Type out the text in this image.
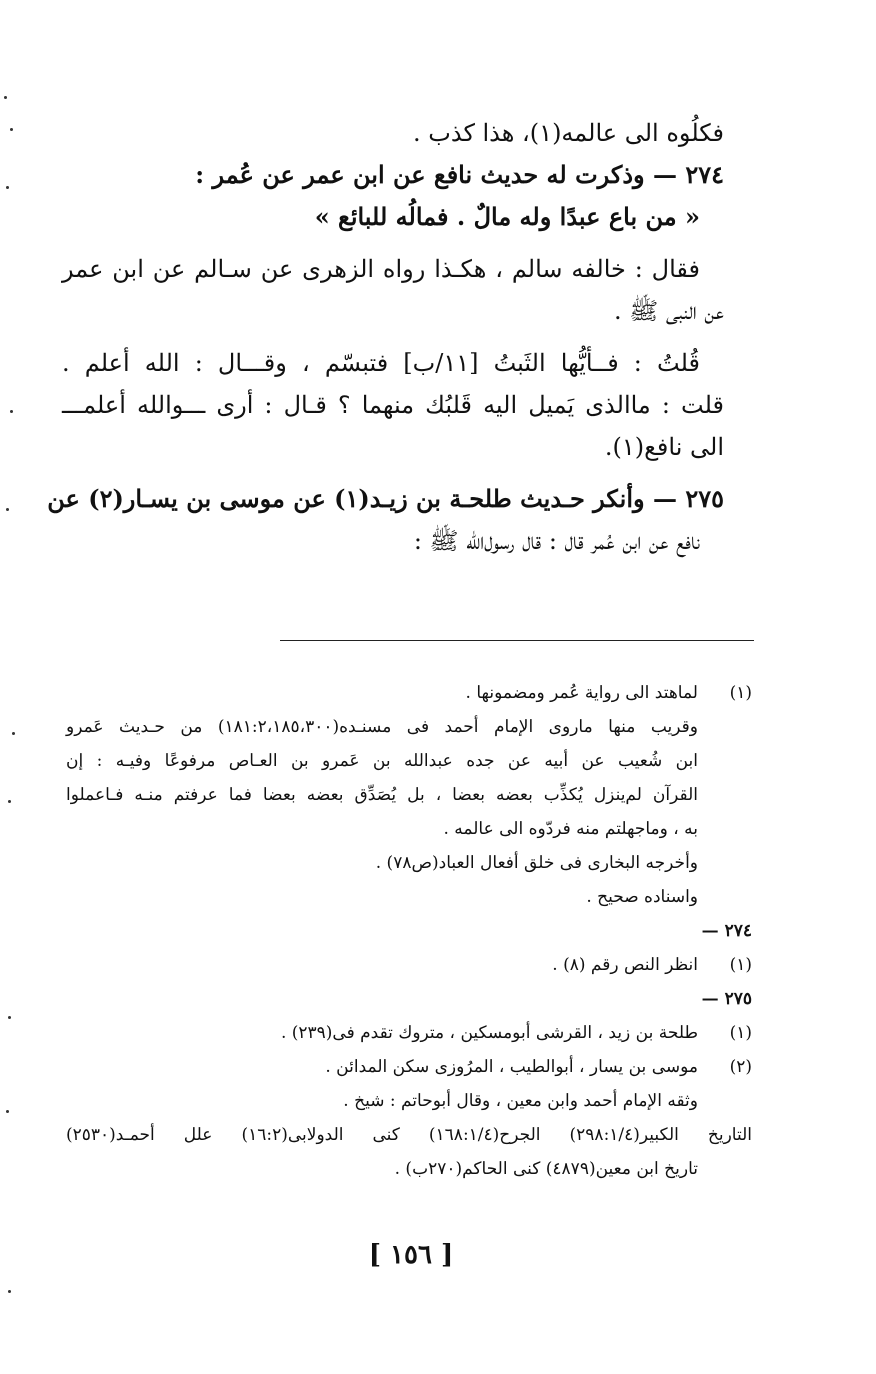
فكلُوه الى عالمه(١)، هذا كذب .
٢٧٤ — وذكرت له حديث نافع عن ابن عمر عن عُمر :
« من باع عبدًا وله مالٌ . فمالُه للبائع »
فقال : خالفه سالم ، هكـذا رواه الزهرى عن سـالم عن ابن عمر
عن النبى ﷺ .
قُلتُ : فــأيُّها الثَبتُ [١١/ب] فتبسّم ، وقـــال : الله أعلم .
قلت : ماالذى يَميل اليه قَلبُك منهما ؟ قـال : أرى ـــوالله أعلمـــ
الى نافع(١).
٢٧٥ — وأنكر حـديث طلحـة بن زيـد(١) عن موسى بن يسـار(٢) عن
نافع عن ابن عُمر قال : قال رسول‌الله ﷺ :
(١)لماهتد الى رواية عُمر ومضمونها .
وقريب منها ماروى الإمام أحمد فى مسنـده(١٨١:٢،١٨٥،٣٠٠) من حـديث عَمرو
ابن شُعيب عن أبيه عن جده عبدالله بن عَمرو بن العـاص مرفوعًا وفيـه : إن
القرآن لم‌ينزل يُكذِّب بعضه بعضا ، بل يُصَدِّق بعضه بعضا فما عرفتم منـه فـاعملوا
به ، وماجهلتم منه فردّوه الى عالمه .
وأخرجه البخارى فى خلق أفعال العباد(ص٧٨) .
واسناده صحيح .
٢٧٤ —
(١)انظر النص رقم (٨) .
٢٧٥ —
(١)طلحة بن زيد ، القرشى أبومسكين ، متروك تقدم فى(٢٣٩) .
(٢)موسى بن يسار ، أبوالطيب ، المرُوزى سكن المدائن .
وثقه الإمام أحمد وابن معين ، وقال أبوحاتم : شيخ .
التاريخ الكبير(٢٩٨:١/٤) الجرح(١٦٨:١/٤) كنى الدولابى(١٦:٢) علل أحمـد(٢٥٣٠)
تاريخ ابن معين(٤٨٧٩) كنى الحاكم(٢٧٠ب) .
[ ١٥٦ ]
